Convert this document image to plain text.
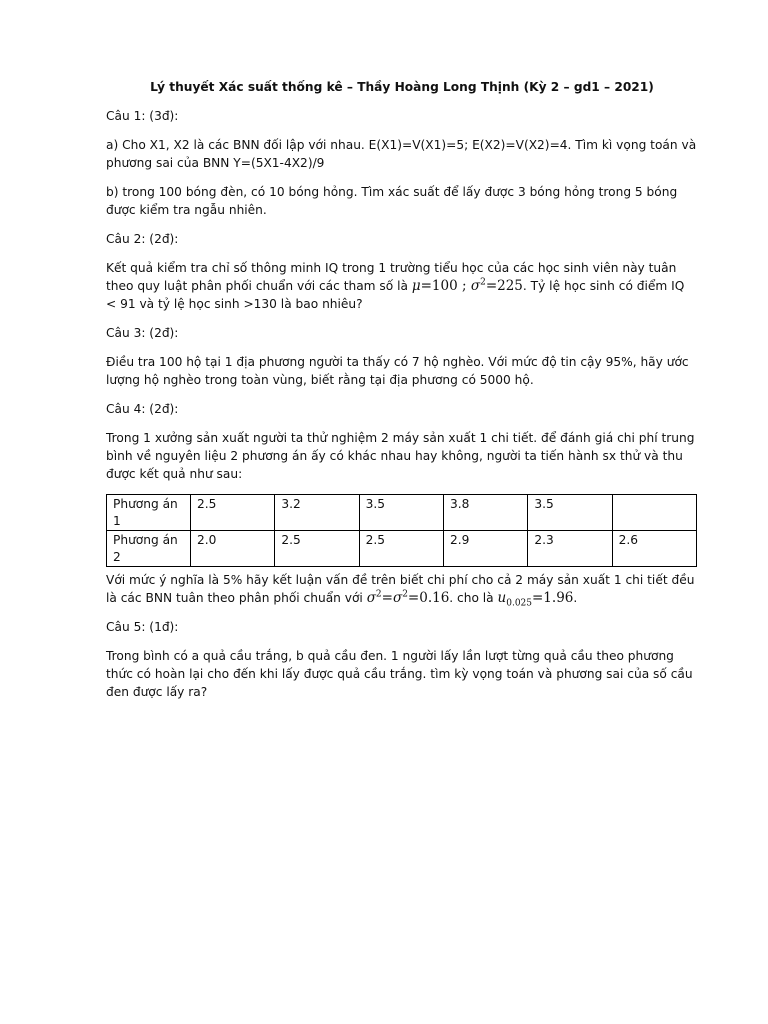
Lý thuyết Xác suất thống kê – Thầy Hoàng Long Thịnh (Kỳ 2 – gd1 – 2021)

Câu 1: (3đ):

a) Cho X1, X2 là các BNN đối lập với nhau. E(X1)=V(X1)=5; E(X2)=V(X2)=4. Tìm kì vọng toán và phương sai của BNN Y=(5X1-4X2)/9

b) trong 100 bóng đèn, có 10 bóng hỏng. Tìm xác suất để lấy được 3 bóng hỏng trong 5 bóng được kiểm tra ngẫu nhiên.

Câu 2: (2đ):

Kết quả kiểm tra chỉ số thông minh IQ trong 1 trường tiểu học của các học sinh viên này tuân theo quy luật phân phối chuẩn với các tham số là μ=100 ; $\sigma^2=225$. Tỷ lệ học sinh có điểm IQ < 91 và tỷ lệ học sinh >130 là bao nhiêu?

Câu 3: (2đ):

Điều tra 100 hộ tại 1 địa phương người ta thấy có 7 hộ nghèo. Với mức độ tin cậy 95%, hãy ước lượng hộ nghèo trong toàn vùng, biết rằng tại địa phương có 5000 hộ.

Câu 4: (2đ):

Trong 1 xưởng sản xuất người ta thử nghiệm 2 máy sản xuất 1 chi tiết. để đánh giá chi phí trung bình về nguyên liệu 2 phương án ấy có khác nhau hay không, người ta tiến hành sx thử và thu được kết quả như sau:

Phương án 1	2.5	3.2	3.5	3.8	3.5	
Phương án 2	2.0	2.5	2.5	2.9	2.3	2.6

Với mức ý nghĩa là 5% hãy kết luận vấn đề trên biết chi phí cho cả 2 máy sản xuất 1 chi tiết đều là các BNN tuân theo phân phối chuẩn với $\sigma^2=\sigma^2=0.16$. cho là $u_{0.025}=1.96$.

Câu 5: (1đ):

Trong bình có a quả cầu trắng, b quả cầu đen. 1 người lấy lần lượt từng quả cầu theo phương thức có hoàn lại cho đến khi lấy được quả cầu trắng. tìm kỳ vọng toán và phương sai của số cầu đen được lấy ra?
